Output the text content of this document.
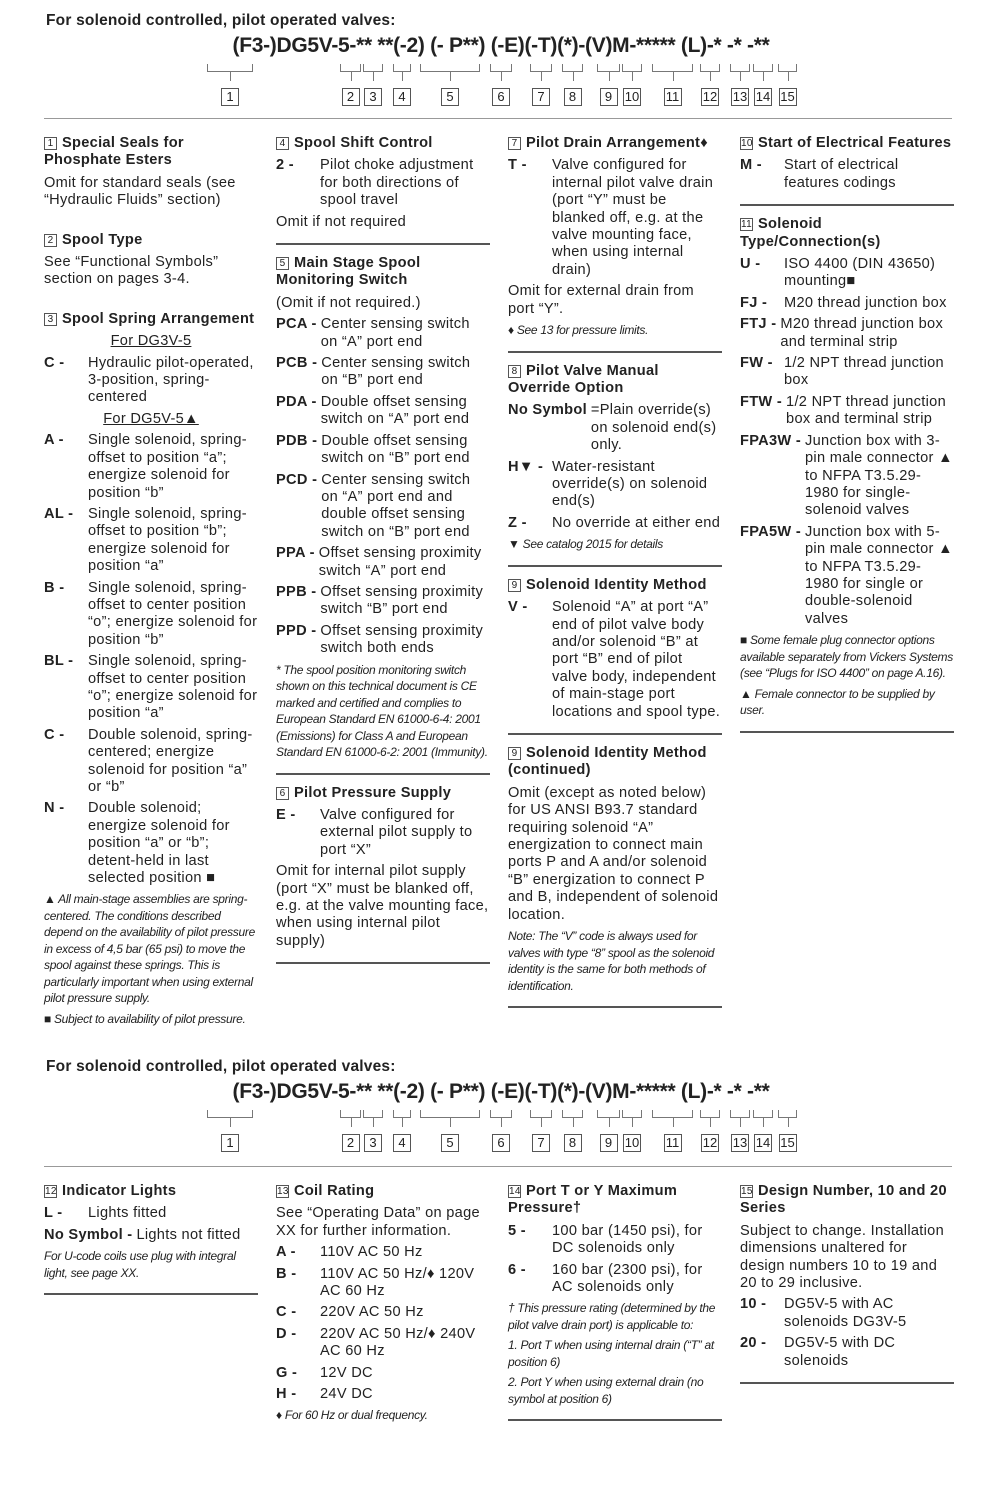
For solenoid controlled, pilot operated valves:
(F3-)DG5V-5-** **(-2) (- P**) (-E)(-T)(*)-(V)M-***** (L)-* -* -**
1	2	3	4	5	6	7	8	9 10 11 12 13 14 15
1 Special Seals for Phosphate Esters
Omit for standard seals (see “Hydraulic Fluids” section)
2 Spool Type
See “Functional Symbols” section on pages 3-4.
3 Spool Spring Arrangement
For DG3V-5
C -	Hydraulic pilot-operated, 3-position, spring-centered
For DG5V-5▲
A -	Single solenoid, spring-offset to position “a”; energize solenoid for position “b”
AL -	Single solenoid, spring-offset to position “b”; energize solenoid for position “a”
B -	Single solenoid, spring-offset to center position “o”; energize solenoid for position “b”
BL -	Single solenoid, spring-offset to center position “o”; energize solenoid for position “a”
C -	Double solenoid, spring-centered; energize solenoid for position “a” or “b”
N -	Double solenoid; energize solenoid for position “a” or “b”; detent-held in last selected position ■
▲ All main-stage assemblies are spring-centered. The conditions described depend on the availability of pilot pressure in excess of 4,5 bar (65 psi) to move the spool against these springs. This is particularly important when using external pilot pressure supply.
■ Subject to availability of pilot pressure.
4 Spool Shift Control
2 -	Pilot choke adjustment for both directions of spool travel
Omit if not required
5 Main Stage Spool Monitoring Switch
(Omit if not required.)
PCA - Center sensing switch on “A” port end
PCB - Center sensing switch on “B” port end
PDA - Double offset sensing switch on “A” port end
PDB - Double offset sensing switch on “B” port end
PCD - Center sensing switch on “A” port end and double offset sensing switch on “B” port end
PPA - Offset sensing proximity switch “A” port end
PPB - Offset sensing proximity switch “B” port end
PPD - Offset sensing proximity switch both ends
* The spool position monitoring switch shown on this technical document is CE marked and certified and complies to European Standard EN 61000-6-4: 2001 (Emissions) for Class A and European Standard EN 61000-6-2: 2001 (Immunity).
6 Pilot Pressure Supply
E -	Valve configured for external pilot supply to port “X”
Omit for internal pilot supply (port “X” must be blanked off, e.g. at the valve mounting face, when using internal pilot supply)
7 Pilot Drain Arrangement♦
T -	Valve configured for internal pilot valve drain (port “Y” must be blanked off, e.g. at the valve mounting face, when using internal drain)
Omit for external drain from port “Y”.
♦ See 13 for pressure limits.
8 Pilot Valve Manual Override Option
No Symbol =Plain override(s) on solenoid end(s) only.
H▼ - Water-resistant override(s) on solenoid end(s)
Z -	No override at either end
▼ See catalog 2015 for details
9 Solenoid Identity Method
V -	Solenoid “A” at port “A” end of pilot valve body and/or solenoid “B” at port “B” end of pilot valve body, independent of main-stage port locations and spool type.
9 Solenoid Identity Method (continued)
Omit (except as noted below) for US ANSI B93.7 standard requiring solenoid “A” energization to connect main ports P and A and/or solenoid “B” energization to connect P and B, independent of solenoid location.
Note: The “V” code is always used for valves with type “8” spool as the solenoid identity is the same for both methods of identification.
10 Start of Electrical Features
M -	Start of electrical features codings
11 Solenoid Type/Connection(s)
U -	ISO 4400 (DIN 43650) mounting■
FJ -	M20 thread junction box
FTJ - M20 thread junction box and terminal strip
FW - 1/2 NPT thread junction box
FTW - 1/2 NPT thread junction box and terminal strip
FPA3W - Junction box with 3-pin male connector ▲ to NFPA T3.5.29-1980 for single-solenoid valves
FPA5W - Junction box with 5-pin male connector ▲ to NFPA T3.5.29-1980 for single or double-solenoid valves
■ Some female plug connector options available separately from Vickers Systems (see “Plugs for ISO 4400” on page A.16).
▲ Female connector to be supplied by user.
For solenoid controlled, pilot operated valves:
(F3-)DG5V-5-** **(-2) (- P**) (-E)(-T)(*)-(V)M-***** (L)-* -* -**
1	2	3	4	5	6	7	8	9 10 11 12 13 14 15
12 Indicator Lights
L -	Lights fitted
No Symbol - Lights not fitted
For U-code coils use plug with integral light, see page XX.
13 Coil Rating
See “Operating Data” on page XX for further information.
A -	110V AC 50 Hz
B -	110V AC 50 Hz/♦ 120V AC 60 Hz
C -	220V AC 50 Hz
D -	220V AC 50 Hz/♦ 240V AC 60 Hz
G -	12V DC
H -	24V DC
♦ For 60 Hz or dual frequency.
14 Port T or Y Maximum Pressure†
5 -	100 bar (1450 psi), for DC solenoids only
6 -	160 bar (2300 psi), for AC solenoids only
† This pressure rating (determined by the pilot valve drain port) is applicable to:
1. Port T when using internal drain (“T” at position 6)
2. Port Y when using external drain (no symbol at position 6)
15 Design Number, 10 and 20 Series
Subject to change. Installation dimensions unaltered for design numbers 10 to 19 and 20 to 29 inclusive.
10 -	DG5V-5 with AC solenoids DG3V-5
20 -	DG5V-5 with DC solenoids
